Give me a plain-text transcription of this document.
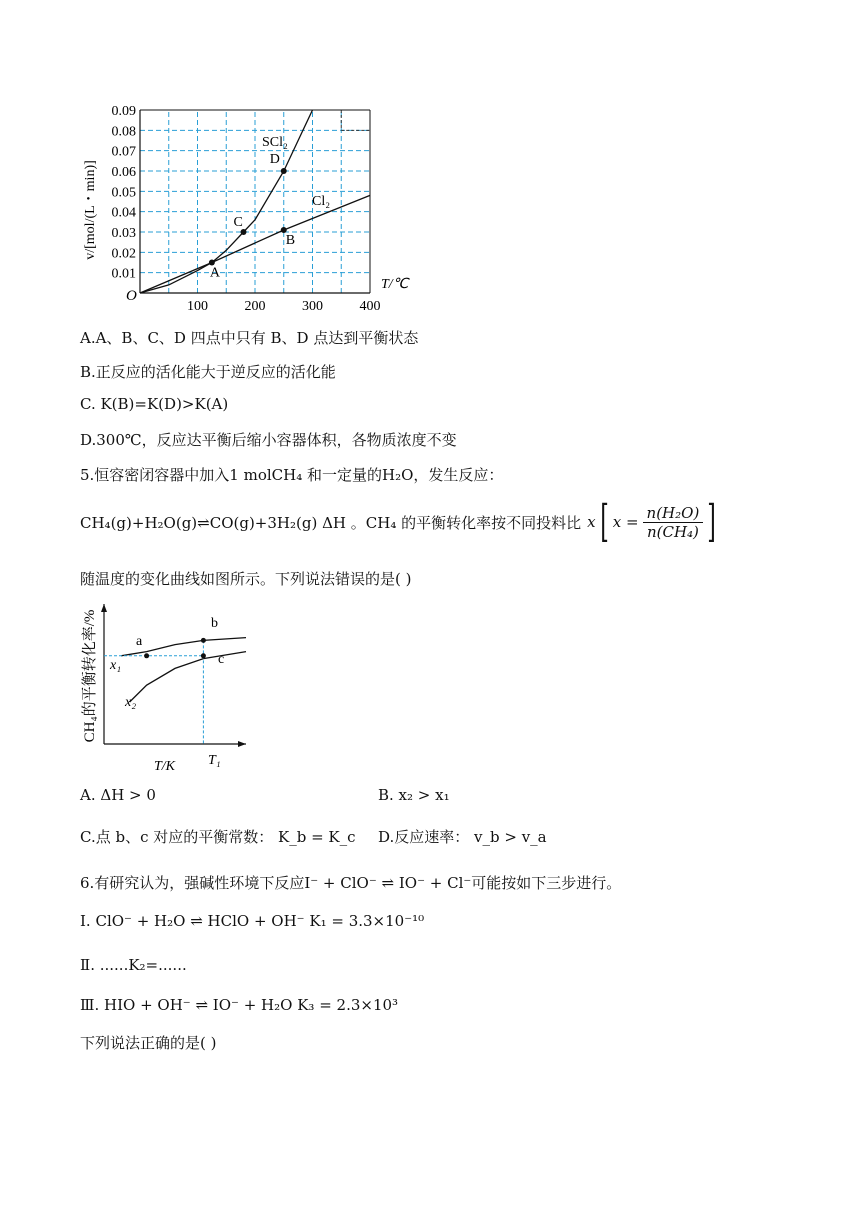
0.01
0.02
0.03
0.04
0.05
0.06
0.07
0.08
0.09
100	200	300	400
A
B
C
D
v/[mol/(L・min)]
T/℃
O
SCl₂
Cl₂
A.A、B、C、D 四点中只有 B、D 点达到平衡状态
B.正反应的活化能大于逆反应的活化能
C. K(B)=K(D)>K(A)
D.300℃，反应达平衡后缩小容器体积，各物质浓度不变
5.恒容密闭容器中加入1 molCH₄ 和一定量的H₂O，发生反应：
CH₄(g)+H₂O(g)⇌CO(g)+3H₂(g) ΔH 。CH₄ 的平衡转化率按不同投料比 x [ $x = \frac{\text{n(H₂O)}}{\text{n(CH₄)}}$ ]
随温度的变化曲线如图所示。下列说法错误的是( )
CH₄的平衡转化率/%
T/K T₁
x₁
x₂
a
b
c
A. ΔH > 0	B. x₂ > x₁
C.点 b、c 对应的平衡常数： K_b = K_c D.反应速率： v_b > v_a
6.有研究认为，强碱性环境下反应I⁻ + ClO⁻ ⇌ IO⁻ + Cl⁻可能按如下三步进行。
Ⅰ. ClO⁻ + H₂O ⇌ HClO + OH⁻ K₁ = 3.3×10⁻¹⁰
Ⅱ. ......K₂=......
Ⅲ. HIO + OH⁻ ⇌ IO⁻ + H₂O K₃ = 2.3×10³
下列说法正确的是( )
